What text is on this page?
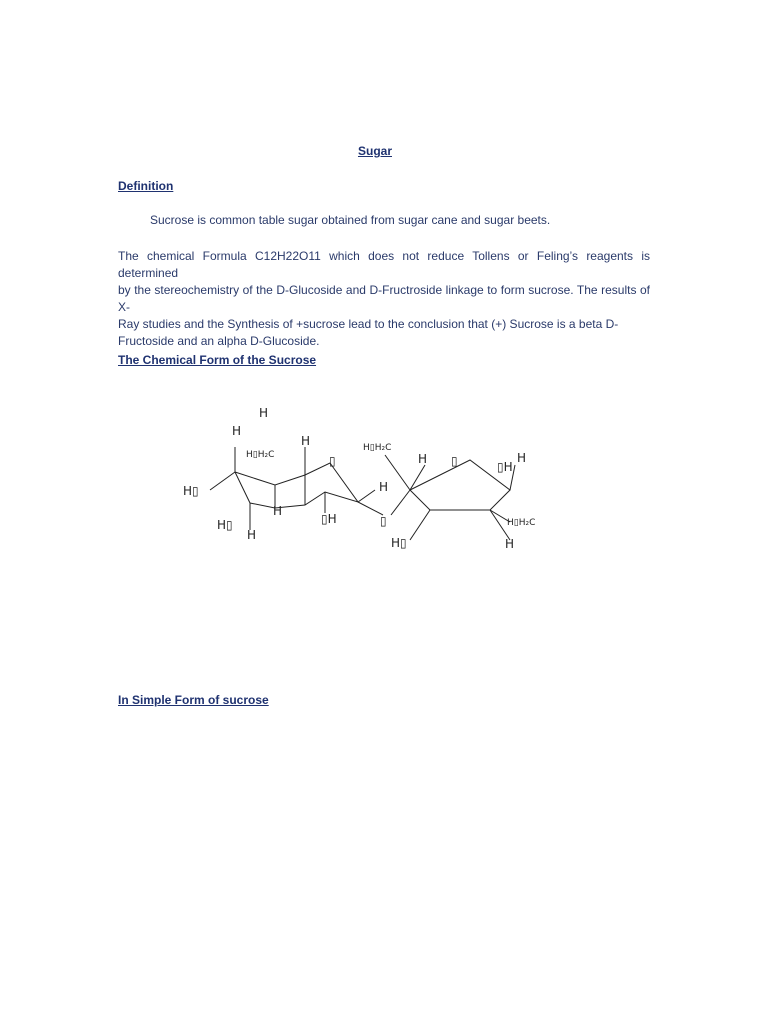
Sugar
Definition
Sucrose is common table sugar obtained from sugar cane and sugar beets.
The chemical Formula C12H22O11 which does not reduce Tollens or Feling’s reagents is determined
by the stereochemistry of the D-Glucoside and D-Fructroside linkage to form sucrose. The results of X-
Ray studies and the Synthesis of +sucrose lead to the conclusion that (+) Sucrose is a beta D-
Fructoside and an alpha D-Glucoside.
The Chemical Form of the Sucrose
H
H
H▯H₂C
H
▯
H▯	H
H
▯H
H▯
H
▯
H▯H₂C
H ▯	▯H
H
H▯H₂C
H▯	H
In Simple Form of sucrose
